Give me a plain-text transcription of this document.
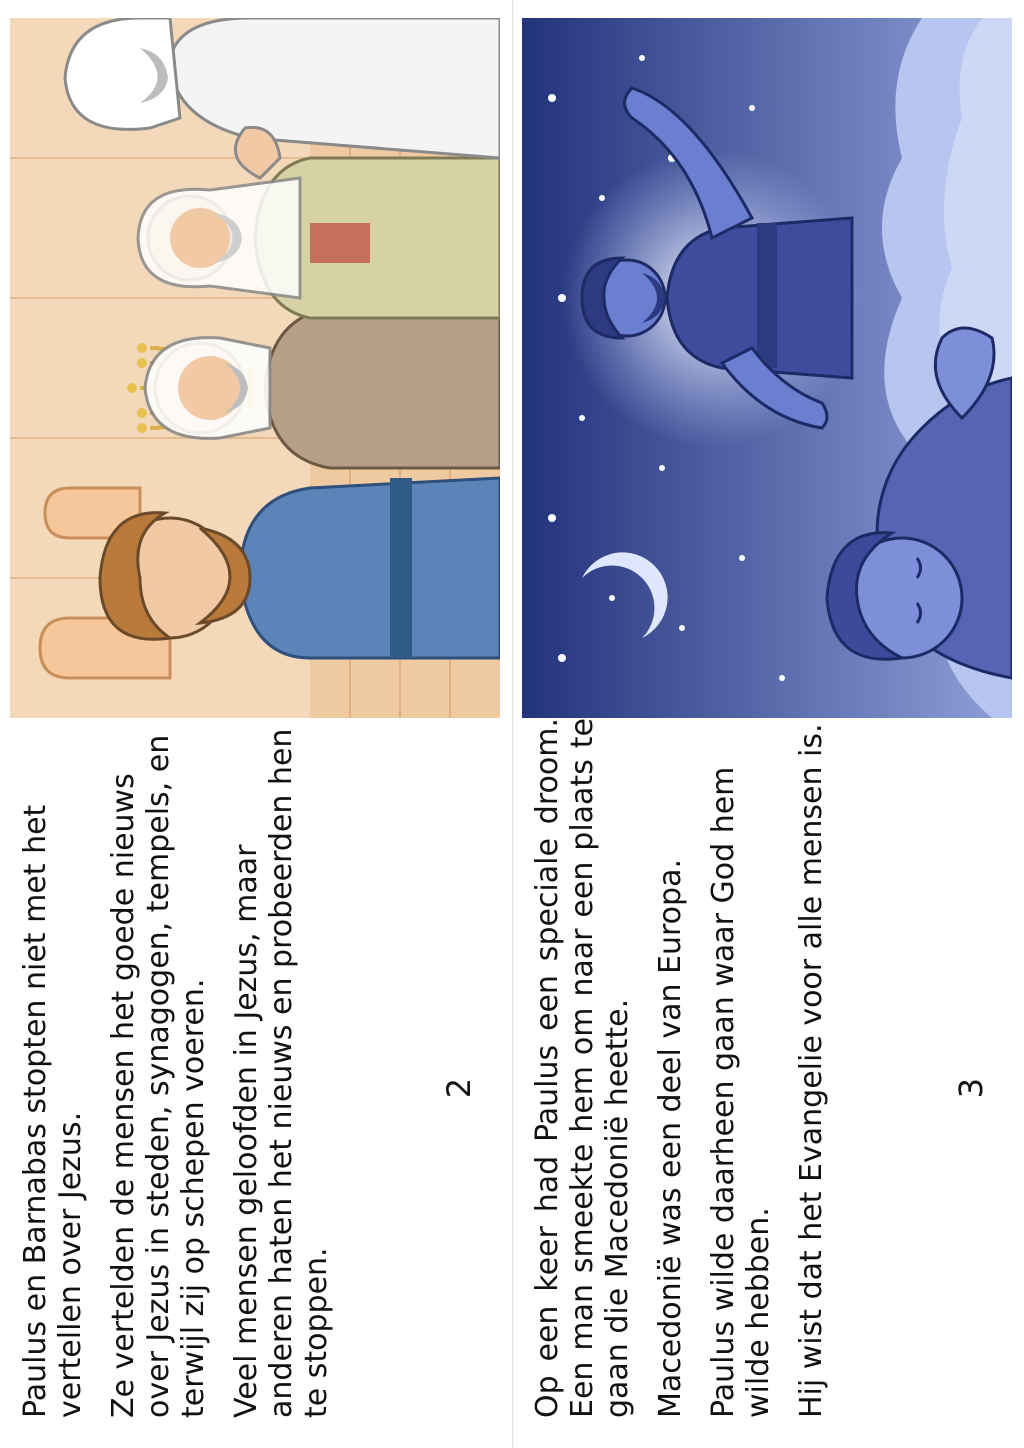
Paulus en Barnabas stopten niet met het vertellen over Jezus. Ze vertelden de mensen het goede nieuws over Jezus in steden, synagogen, tempels, en terwijl zij op schepen voeren. Veel mensen geloofden in Jezus, maar anderen haten het nieuws en probeerden hen te stoppen.

2 Op een keer had Paulus een speciale droom. Een man smeekte hem om naar een plaats te gaan die Macedonië heette. Macedonië was een deel van Europa. Paulus wilde daarheen gaan waar God hem wilde hebben. Hij wist dat het Evangelie voor alle mensen is.	3
